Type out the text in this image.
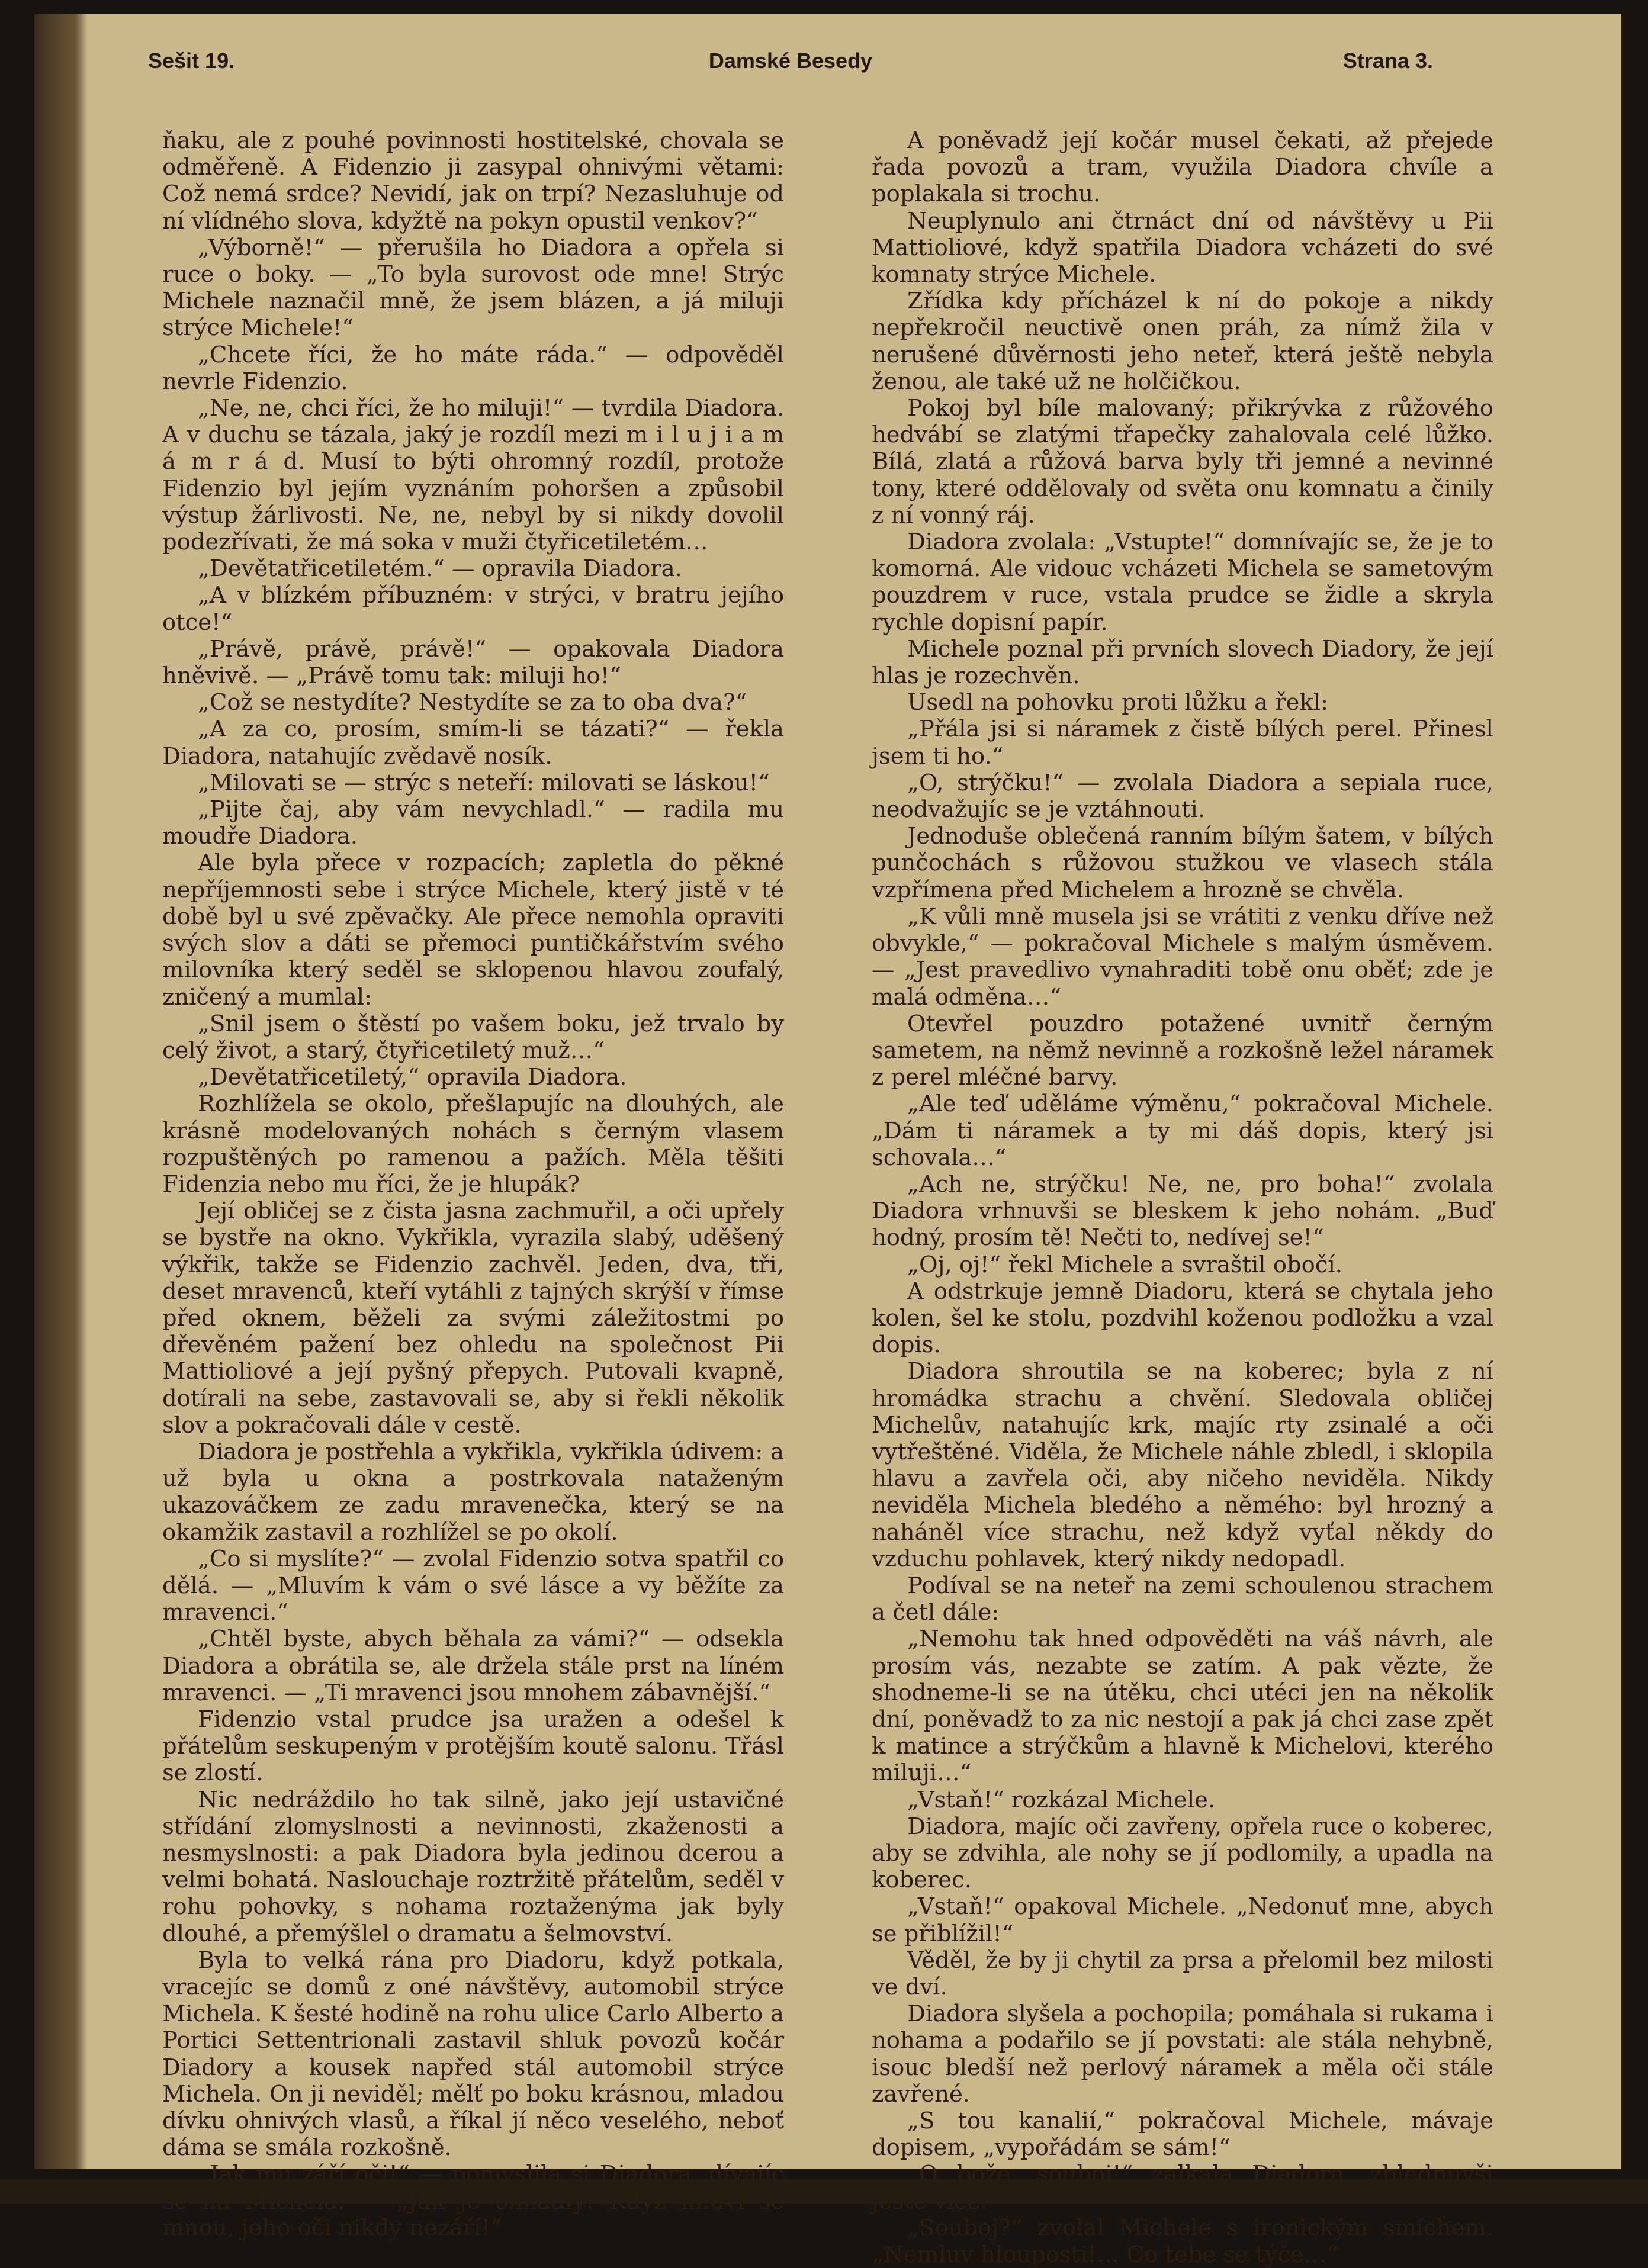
Sešit 19.	Damské Besedy	Strana 3.

ňaku, ale z pouhé povinnosti hostitelské, chovala se odměřeně. A Fidenzio ji zasypal ohnivými větami: Což nemá srdce? Nevidí, jak on trpí? Nezasluhuje od ní vlídného slova, kdyžtě na pokyn opustil venkov?“

„Výborně!“ — přerušila ho Diadora a opřela si ruce o boky. — „To byla surovost ode mne! Strýc Michele naznačil mně, že jsem blázen, a já miluji strýce Michele!“

„Chcete říci, že ho máte ráda.“ — odpověděl nevrle Fidenzio.

„Ne, ne, chci říci, že ho miluji!“ — tvrdila Diadora. A v duchu se tázala, jaký je rozdíl mezi m i l u j i a m á m r á d. Musí to býti ohromný rozdíl, protože Fidenzio byl jejím vyznáním pohoršen a způsobil výstup žárlivosti. Ne, ne, nebyl by si nikdy dovolil podezřívati, že má soka v muži čtyřicetiletém…

„Devětatřicetiletém.“ — opravila Diadora.

„A v blízkém příbuzném: v strýci, v bratru jejího otce!“

„Právě, právě, právě!“ — opakovala Diadora hněvivě. — „Právě tomu tak: miluji ho!“

„Což se nestydíte? Nestydíte se za to oba dva?“

„A za co, prosím, smím-li se tázati?“ — řekla Diadora, natahujíc zvědavě nosík.

„Milovati se — strýc s neteří: milovati se láskou!“

„Pijte čaj, aby vám nevychladl.“ — radila mu moudře Diadora.

Ale byla přece v rozpacích; zapletla do pěkné nepříjemnosti sebe i strýce Michele, který jistě v té době byl u své zpěvačky. Ale přece nemohla opraviti svých slov a dáti se přemoci puntičkářstvím svého milovníka který seděl se sklopenou hlavou zoufalý, zničený a mumlal:

„Snil jsem o štěstí po vašem boku, jež trvalo by celý život, a starý, čtyřicetiletý muž…“

„Devětatřicetiletý,“ opravila Diadora.

Rozhlížela se okolo, přešlapujíc na dlouhých, ale krásně modelovaných nohách s černým vlasem rozpuštěných po ramenou a pažích. Měla těšiti Fidenzia nebo mu říci, že je hlupák?

Její obličej se z čista jasna zachmuřil, a oči upřely se bystře na okno. Vykřikla, vyrazila slabý, uděšený výkřik, takže se Fidenzio zachvěl. Jeden, dva, tři, deset mravenců, kteří vytáhli z tajných skrýší v římse před oknem, běželi za svými záležitostmi po dřevěném pažení bez ohledu na společnost Pii Mattioliové a její pyšný přepych. Putovali kvapně, dotírali na sebe, zastavovali se, aby si řekli několik slov a pokračovali dále v cestě.

Diadora je postřehla a vykřikla, vykřikla údivem: a už byla u okna a postrkovala nataženým ukazováčkem ze zadu mravenečka, který se na okamžik zastavil a rozhlížel se po okolí.

„Co si myslíte?“ — zvolal Fidenzio sotva spatřil co dělá. — „Mluvím k vám o své lásce a vy běžíte za mravenci.“

„Chtěl byste, abych běhala za vámi?“ — odsekla Diadora a obrátila se, ale držela stále prst na líném mravenci. — „Ti mravenci jsou mnohem zábavnější.“

Fidenzio vstal prudce jsa uražen a odešel k přátelům seskupeným v protějším koutě salonu. Třásl se zlostí.

Nic nedráždilo ho tak silně, jako její ustavičné střídání zlomyslnosti a nevinnosti, zkaženosti a nesmyslnosti: a pak Diadora byla jedinou dcerou a velmi bohatá. Naslouchaje roztržitě přátelům, seděl v rohu pohovky, s nohama roztaženýma jak byly dlouhé, a přemýšlel o dramatu a šelmovství.

Byla to velká rána pro Diadoru, když potkala, vracejíc se domů z oné návštěvy, automobil strýce Michela. K šesté hodině na rohu ulice Carlo Alberto a Portici Settentrionali zastavil shluk povozů kočár Diadory a kousek napřed stál automobil strýce Michela. On ji neviděl; mělť po boku krásnou, mladou dívku ohnivých vlasů, a říkal jí něco veselého, neboť dáma se smála rozkošně.

„Jak mu září oči!“ — pomyslila si Diadora, dívajíc se na Michela. — „Jak je omladlý! Když mluví se mnou, jeho oči nikdy nezáří!“

A poněvadž její kočár musel čekati, až přejede řada povozů a tram, využila Diadora chvíle a poplakala si trochu.

Neuplynulo ani čtrnáct dní od návštěvy u Pii Mattioliové, když spatřila Diadora vcházeti do své komnaty strýce Michele.

Zřídka kdy přícházel k ní do pokoje a nikdy nepřekročil neuctivě onen práh, za nímž žila v nerušené důvěrnosti jeho neteř, která ještě nebyla ženou, ale také už ne holčičkou.

Pokoj byl bíle malovaný; přikrývka z růžového hedvábí se zlatými třapečky zahalovala celé lůžko. Bílá, zlatá a růžová barva byly tři jemné a nevinné tony, které oddělovaly od světa onu komnatu a činily z ní vonný ráj.

Diadora zvolala: „Vstupte!“ domnívajíc se, že je to komorná. Ale vidouc vcházeti Michela se sametovým pouzdrem v ruce, vstala prudce se židle a skryla rychle dopisní papír.

Michele poznal při prvních slovech Diadory, že její hlas je rozechvěn.

Usedl na pohovku proti lůžku a řekl:

„Přála jsi si náramek z čistě bílých perel. Přinesl jsem ti ho.“

„O, strýčku!“ — zvolala Diadora a sepiala ruce, neodvažujíc se je vztáhnouti.

Jednoduše oblečená ranním bílým šatem, v bílých punčochách s růžovou stužkou ve vlasech stála vzpřímena před Michelem a hrozně se chvěla.

„K vůli mně musela jsi se vrátiti z venku dříve než obvykle,“ — pokračoval Michele s malým úsměvem. — „Jest pravedlivo vynahraditi tobě onu oběť; zde je malá odměna…“

Otevřel pouzdro potažené uvnitř černým sametem, na němž nevinně a rozkošně ležel náramek z perel mléčné barvy.

„Ale teď uděláme výměnu,“ pokračoval Michele. „Dám ti náramek a ty mi dáš dopis, který jsi schovala…“

„Ach ne, strýčku! Ne, ne, pro boha!“ zvolala Diadora vrhnuvši se bleskem k jeho nohám. „Buď hodný, prosím tě! Nečti to, nedívej se!“

„Oj, oj!“ řekl Michele a svraštil obočí.

A odstrkuje jemně Diadoru, která se chytala jeho kolen, šel ke stolu, pozdvihl koženou podložku a vzal dopis.

Diadora shroutila se na koberec; byla z ní hromádka strachu a chvění. Sledovala obličej Michelův, natahujíc krk, majíc rty zsinalé a oči vytřeštěné. Viděla, že Michele náhle zbledl, i sklopila hlavu a zavřela oči, aby ničeho neviděla. Nikdy neviděla Michela bledého a němého: byl hrozný a naháněl více strachu, než když vyťal někdy do vzduchu pohlavek, který nikdy nedopadl.

Podíval se na neteř na zemi schoulenou strachem a četl dále:

„Nemohu tak hned odpověděti na váš návrh, ale prosím vás, nezabte se zatím. A pak vězte, že shodneme-li se na útěku, chci utéci jen na několik dní, poněvadž to za nic nestojí a pak já chci zase zpět k matince a strýčkům a hlavně k Michelovi, kterého miluji…“

„Vstaň!“ rozkázal Michele.

Diadora, majíc oči zavřeny, opřela ruce o koberec, aby se zdvihla, ale nohy se jí podlomily, a upadla na koberec.

„Vstaň!“ opakoval Michele. „Nedonuť mne, abych se přiblížil!“

Věděl, že by ji chytil za prsa a přelomil bez milosti ve dví.

Diadora slyšela a pochopila; pomáhala si rukama i nohama a podařilo se jí povstati: ale stála nehybně, isouc bledší než perlový náramek a měla oči stále zavřené.

„S tou kanalií,“ pokračoval Michele, mávaje dopisem, „vypořádám se sám!“

„O bože, souboj!“ zalkala Diadora, zblednuvši ještě více.

„Souboj?“ zvolal Michele s ironickým smíchem. „Nemluv hlouposti!… Co tebe se týče…“
